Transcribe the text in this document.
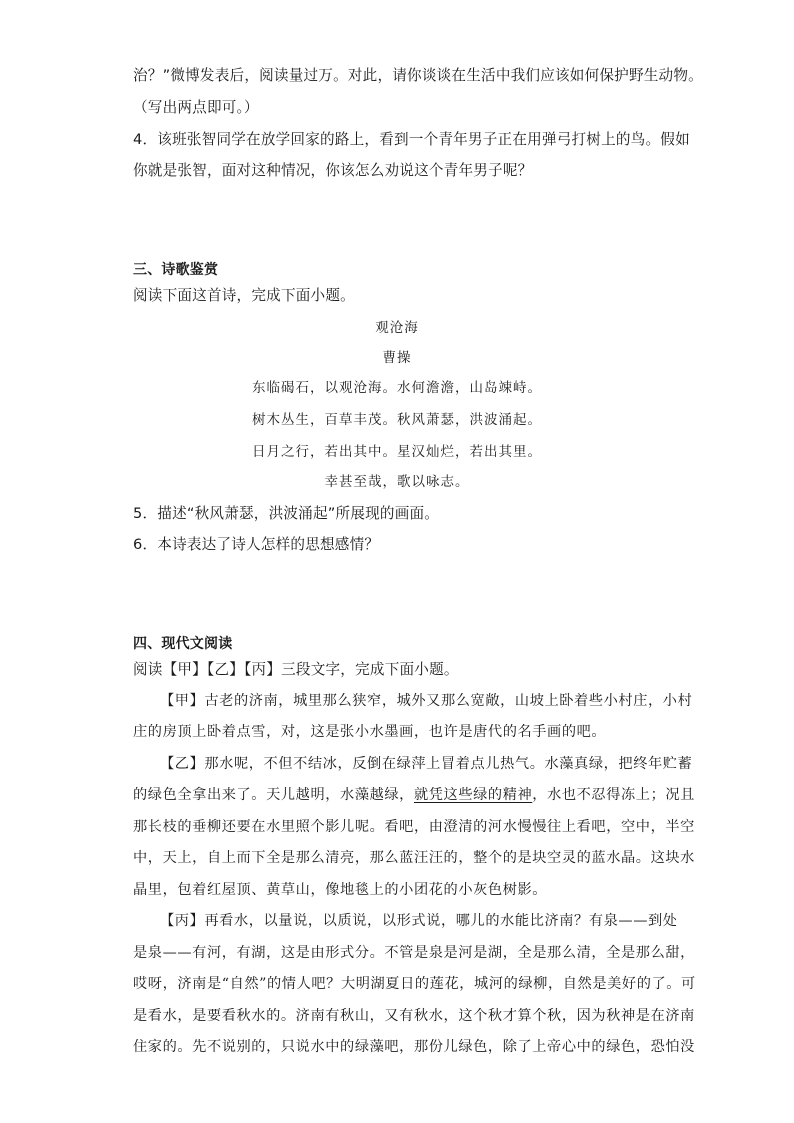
治？”微博发表后，阅读量过万。对此，请你谈谈在生活中我们应该如何保护野生动物。
（写出两点即可。）
4．该班张智同学在放学回家的路上，看到一个青年男子正在用弹弓打树上的鸟。假如
你就是张智，面对这种情况，你该怎么劝说这个青年男子呢？
三、诗歌鉴赏
阅读下面这首诗，完成下面小题。
观沧海
曹操
东临碣石，以观沧海。水何澹澹，山岛竦峙。
树木丛生，百草丰茂。秋风萧瑟，洪波涌起。
日月之行，若出其中。星汉灿烂，若出其里。
幸甚至哉，歌以咏志。
5．描述“秋风萧瑟，洪波涌起”所展现的画面。
6．本诗表达了诗人怎样的思想感情？
四、现代文阅读
阅读【甲】【乙】【丙】三段文字，完成下面小题。
【甲】古老的济南，城里那么狭窄，城外又那么宽敞，山坡上卧着些小村庄，小村
庄的房顶上卧着点雪，对，这是张小水墨画，也许是唐代的名手画的吧。
【乙】那水呢，不但不结冰，反倒在绿萍上冒着点儿热气。水藻真绿，把终年贮蓄
的绿色全拿出来了。天儿越明，水藻越绿，就凭这些绿的精神，水也不忍得冻上；况且
那长枝的垂柳还要在水里照个影儿呢。看吧，由澄清的河水慢慢往上看吧，空中，半空
中，天上，自上而下全是那么清亮，那么蓝汪汪的，整个的是块空灵的蓝水晶。这块水
晶里，包着红屋顶、黄草山，像地毯上的小团花的小灰色树影。
【丙】再看水，以量说，以质说，以形式说，哪儿的水能比济南？有泉——到处
是泉——有河，有湖，这是由形式分。不管是泉是河是湖，全是那么清，全是那么甜，
哎呀，济南是“自然”的情人吧？大明湖夏日的莲花，城河的绿柳，自然是美好的了。可
是看水，是要看秋水的。济南有秋山，又有秋水，这个秋才算个秋，因为秋神是在济南
住家的。先不说别的，只说水中的绿藻吧，那份儿绿色，除了上帝心中的绿色，恐怕没
